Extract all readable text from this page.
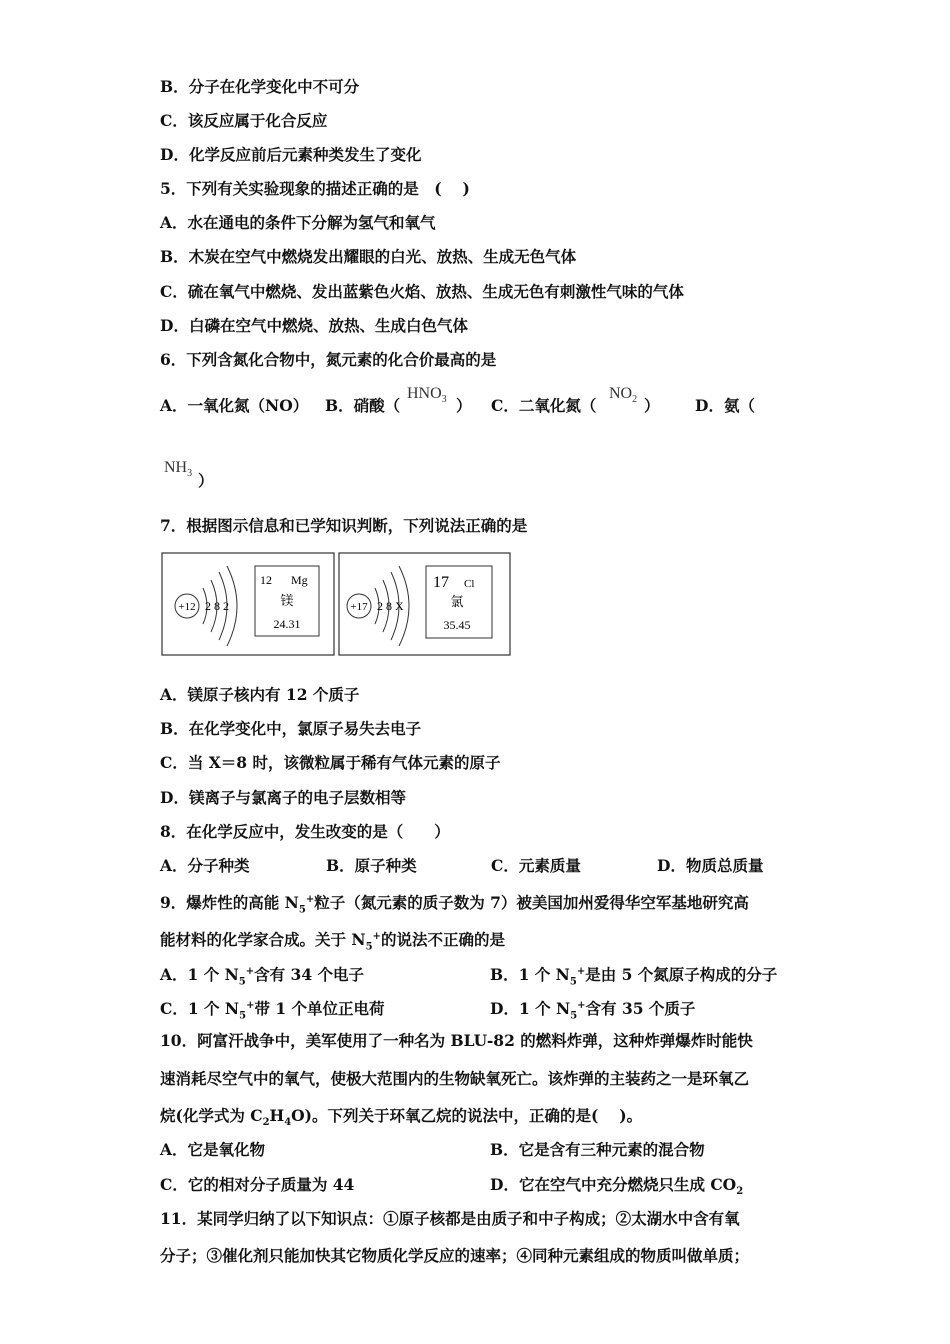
B．分子在化学变化中不可分
C．该反应属于化合反应
D．化学反应前后元素种类发生了变化
5．下列有关实验现象的描述正确的是　(　 )
A．水在通电的条件下分解为氢气和氧气
B．木炭在空气中燃烧发出耀眼的白光、放热、生成无色气体
C．硫在氧气中燃烧、发出蓝紫色火焰、放热、生成无色有刺激性气味的气体
D．白磷在空气中燃烧、放热、生成白色气体
6．下列含氮化合物中，氮元素的化合价最高的是
A．一氧化氮（NO） B．硝酸（	） C．二氧化氮（	） D．氨（
$HNO_3$	$NO_2$
$NH_3$ ）
7．根据图示信息和已学知识判断，下列说法正确的是
+12 2 8 2
12 Mg
镁
24.31
+17 2 8 X
17 Cl
氯
35.45
A．镁原子核内有 12 个质子
B．在化学变化中，氯原子易失去电子
C．当 X＝8 时，该微粒属于稀有气体元素的原子
D．镁离子与氯离子的电子层数相等
8．在化学反应中，发生改变的是（　　）
A．分子种类	B．原子种类	C．元素质量	D．物质总质量
9．爆炸性的高能 $N_5^+$粒子（氮元素的质子数为 7）被美国加州爱得华空军基地研究高
能材料的化学家合成。关于 $N_5^+$的说法不正确的是
A．1 个 $N_5^+$含有 34 个电子	B．1 个 $N_5^+$是由 5 个氮原子构成的分子
C．1 个 $N_5^+$带 1 个单位正电荷	D．1 个 $N_5^+$含有 35 个质子
10．阿富汗战争中，美军使用了一种名为 BLU-82 的燃料炸弹，这种炸弹爆炸时能快
速消耗尽空气中的氧气，使极大范围内的生物缺氧死亡。该炸弹的主装药之一是环氧乙
烷(化学式为 $C_2H_4O$)。下列关于环氧乙烷的说法中，正确的是(　 )。
A．它是氧化物	B．它是含有三种元素的混合物
C．它的相对分子质量为 44	D．它在空气中充分燃烧只生成 $CO_2$
11．某同学归纳了以下知识点：①原子核都是由质子和中子构成；②太湖水中含有氧
分子；③催化剂只能加快其它物质化学反应的速率；④同种元素组成的物质叫做单质；
